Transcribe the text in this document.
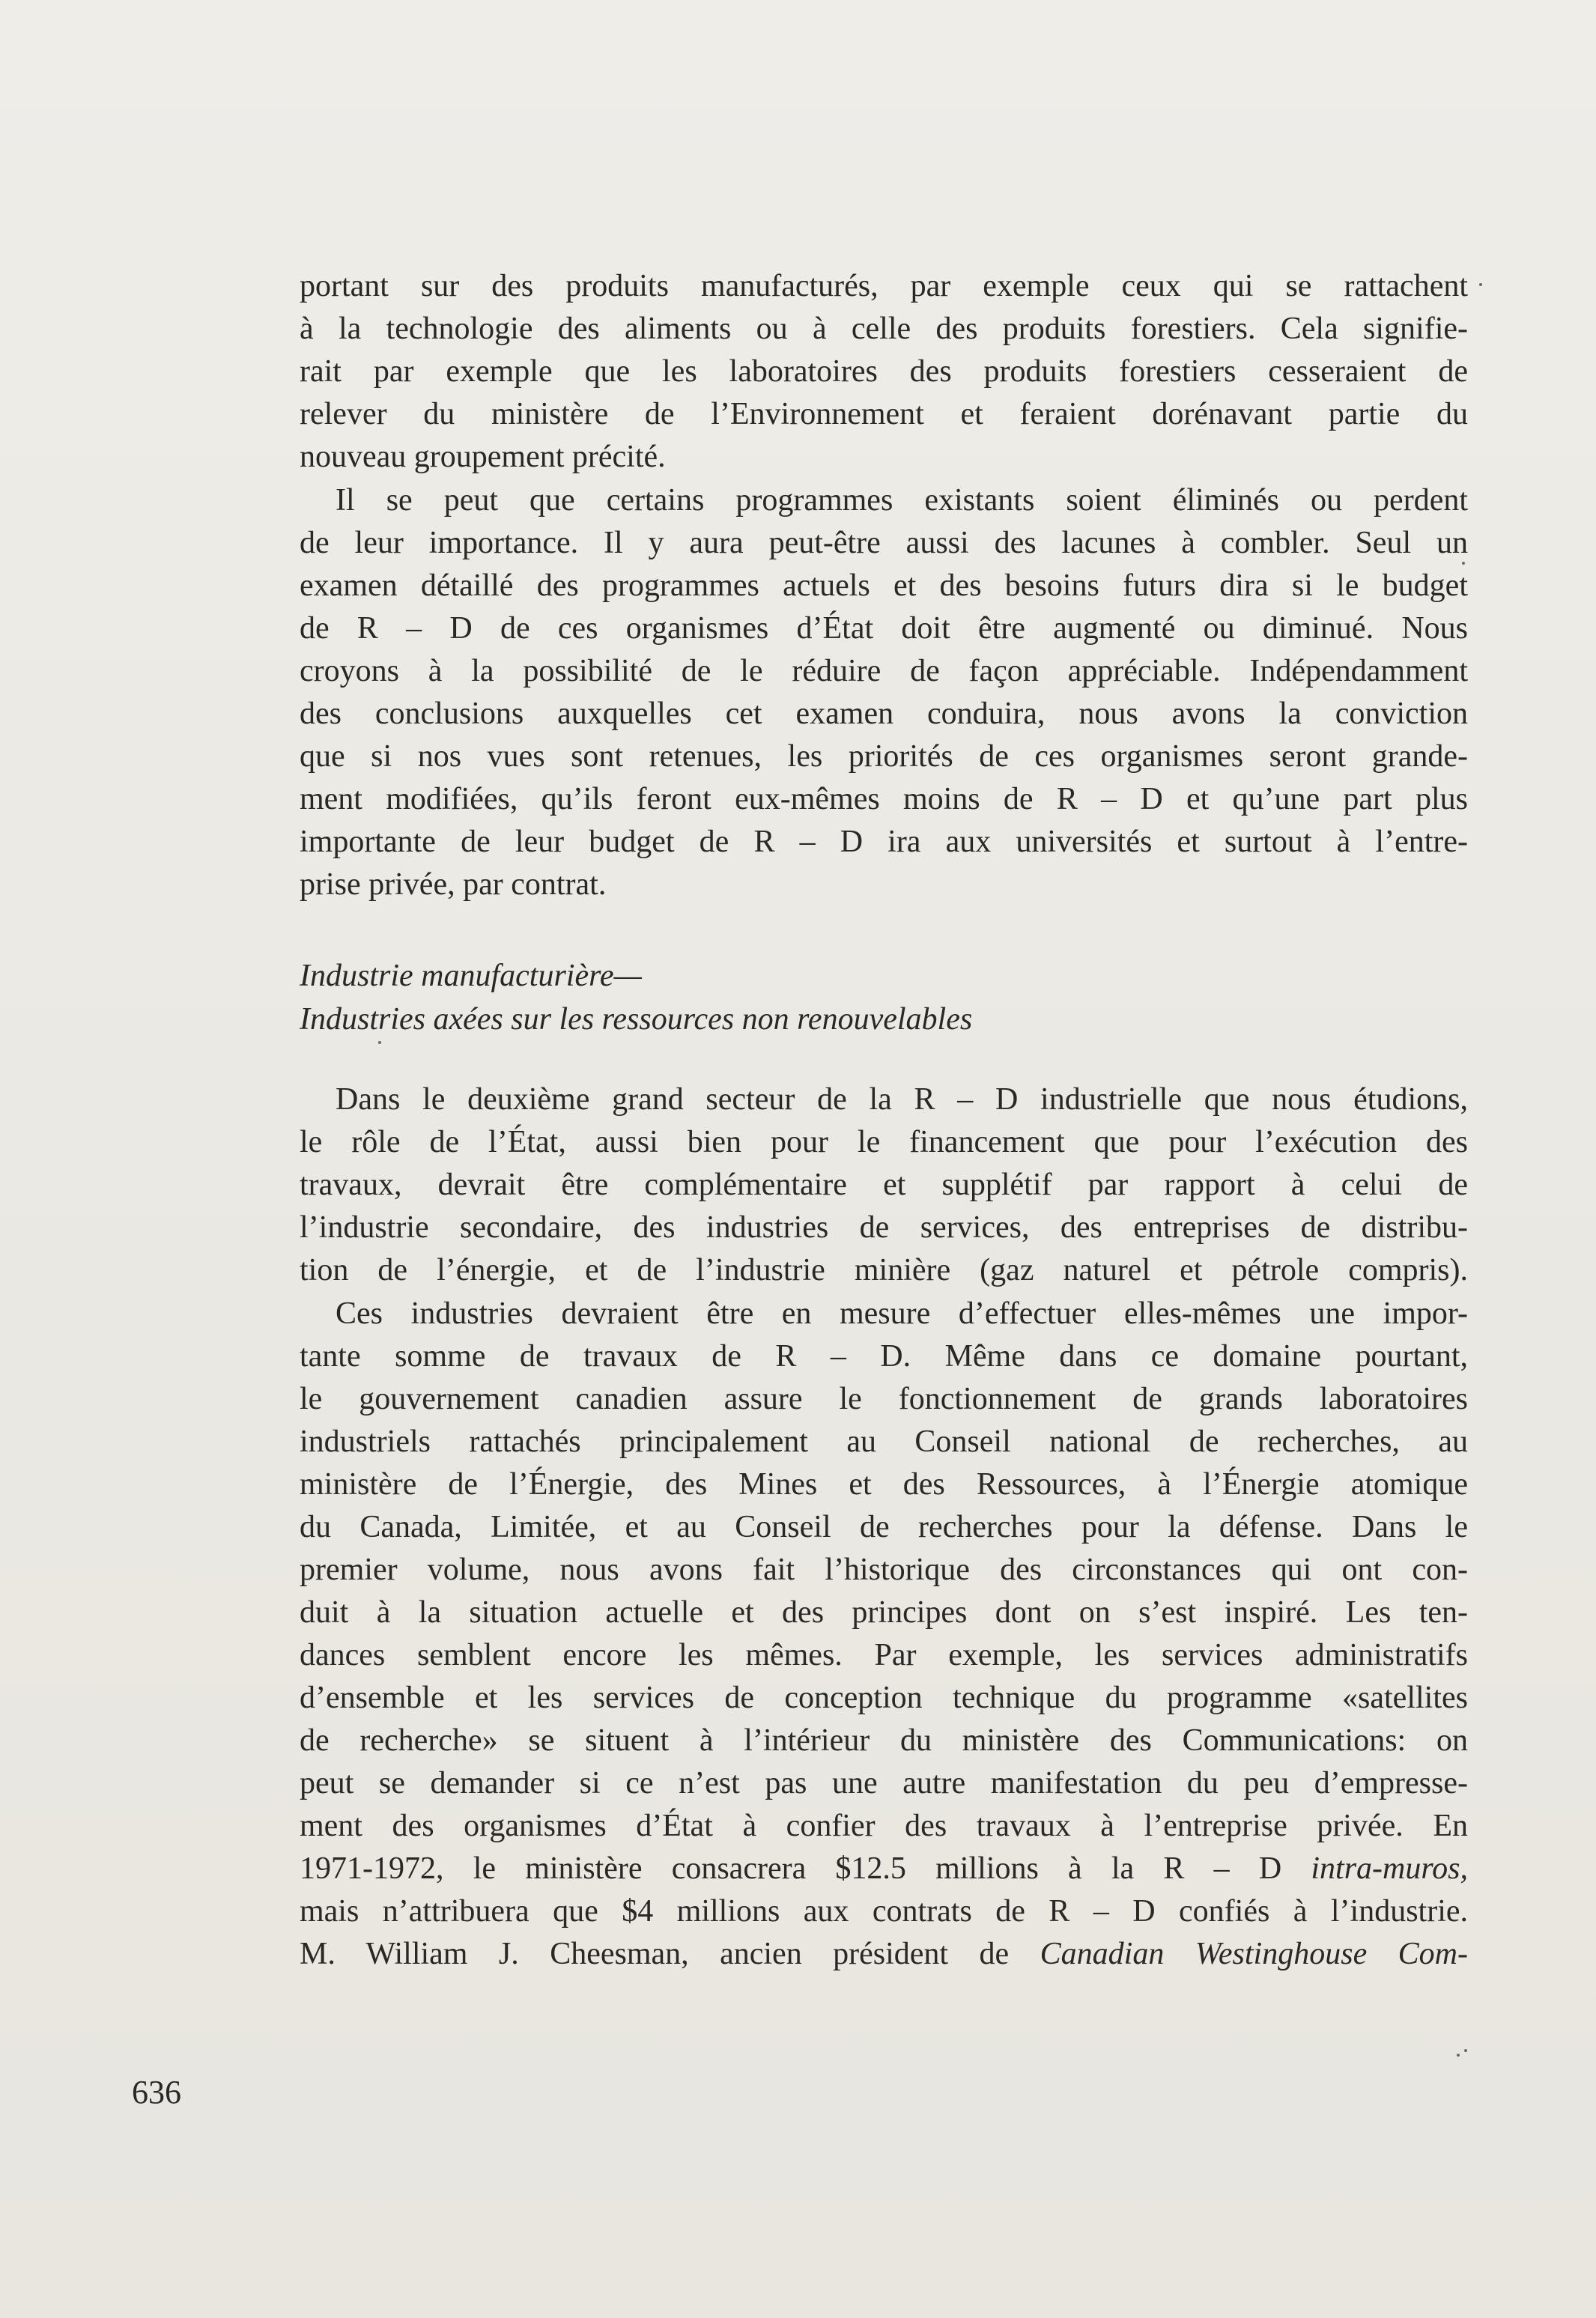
portant sur des produits manufacturés, par exemple ceux qui se rattachent
à la technologie des aliments ou à celle des produits forestiers. Cela signifie-
rait par exemple que les laboratoires des produits forestiers cesseraient de
relever du ministère de l’Environnement et feraient dorénavant partie du
nouveau groupement précité.
Il se peut que certains programmes existants soient éliminés ou perdent
de leur importance. Il y aura peut-être aussi des lacunes à combler. Seul un
examen détaillé des programmes actuels et des besoins futurs dira si le budget
de R – D de ces organismes d’État doit être augmenté ou diminué. Nous
croyons à la possibilité de le réduire de façon appréciable. Indépendamment
des conclusions auxquelles cet examen conduira, nous avons la conviction
que si nos vues sont retenues, les priorités de ces organismes seront grande-
ment modifiées, qu’ils feront eux-mêmes moins de R – D et qu’une part plus
importante de leur budget de R – D ira aux universités et surtout à l’entre-
prise privée, par contrat.
Industrie manufacturière—
Industries axées sur les ressources non renouvelables
Dans le deuxième grand secteur de la R – D industrielle que nous étudions,
le rôle de l’État, aussi bien pour le financement que pour l’exécution des
travaux, devrait être complémentaire et supplétif par rapport à celui de
l’industrie secondaire, des industries de services, des entreprises de distribu-
tion de l’énergie, et de l’industrie minière (gaz naturel et pétrole compris).
Ces industries devraient être en mesure d’effectuer elles-mêmes une impor-
tante somme de travaux de R – D. Même dans ce domaine pourtant,
le gouvernement canadien assure le fonctionnement de grands laboratoires
industriels rattachés principalement au Conseil national de recherches, au
ministère de l’Énergie, des Mines et des Ressources, à l’Énergie atomique
du Canada, Limitée, et au Conseil de recherches pour la défense. Dans le
premier volume, nous avons fait l’historique des circonstances qui ont con-
duit à la situation actuelle et des principes dont on s’est inspiré. Les ten-
dances semblent encore les mêmes. Par exemple, les services administratifs
d’ensemble et les services de conception technique du programme «satellites
de recherche» se situent à l’intérieur du ministère des Communications: on
peut se demander si ce n’est pas une autre manifestation du peu d’empresse-
ment des organismes d’État à confier des travaux à l’entreprise privée. En
1971-1972, le ministère consacrera $12.5 millions à la R – D intra-muros,
mais n’attribuera que $4 millions aux contrats de R – D confiés à l’industrie.
M. William J. Cheesman, ancien président de Canadian Westinghouse Com-
636
